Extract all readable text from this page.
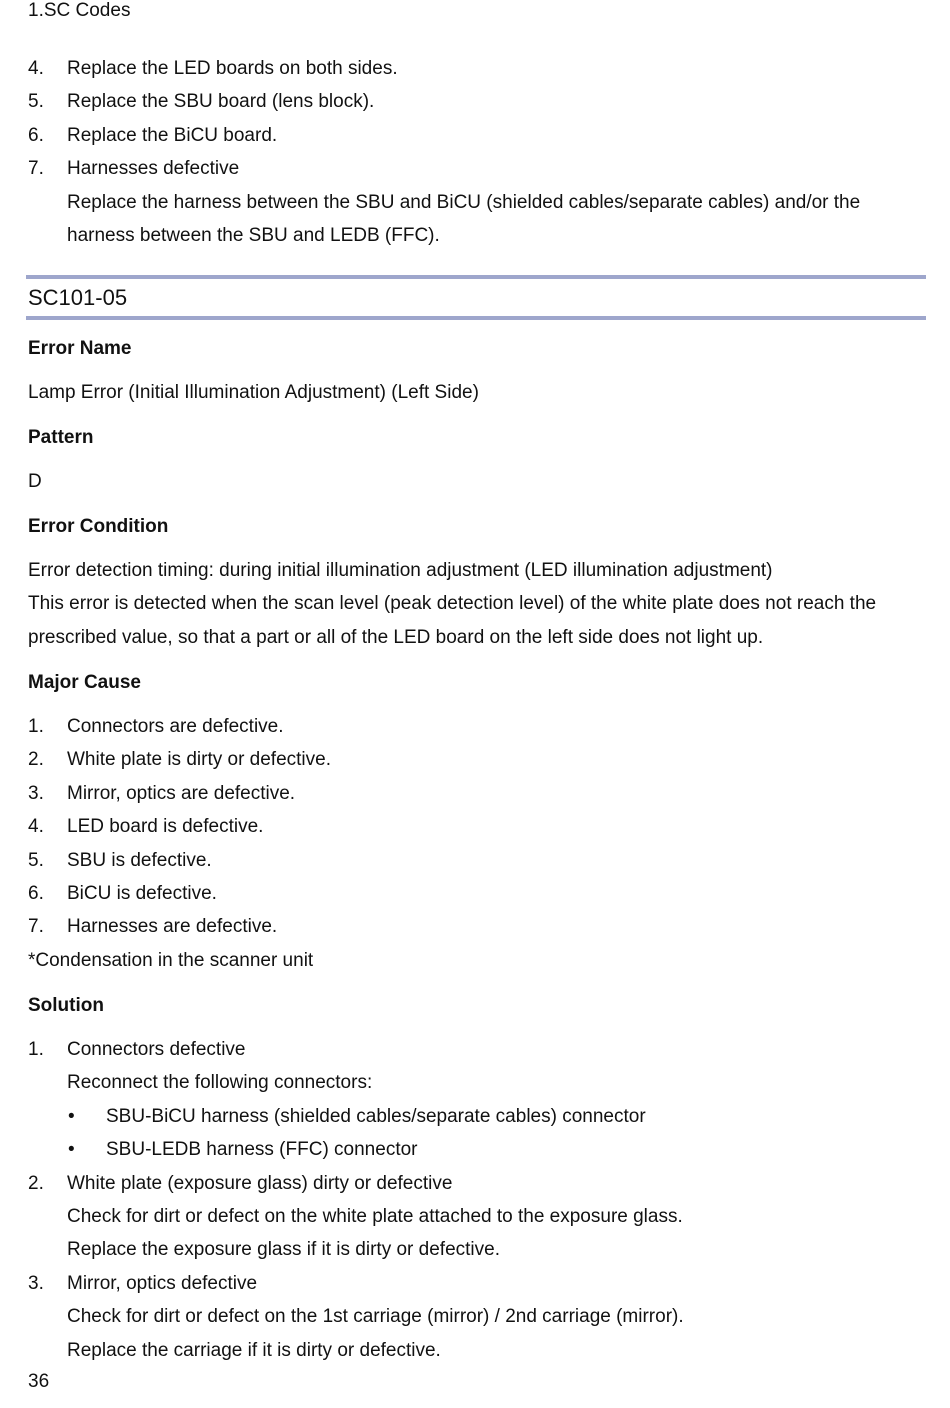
1.SC Codes
4. Replace the LED boards on both sides.
5. Replace the SBU board (lens block).
6. Replace the BiCU board.
7. Harnesses defective
Replace the harness between the SBU and BiCU (shielded cables/separate cables) and/or the
harness between the SBU and LEDB (FFC).
SC101-05
Error Name
Lamp Error (Initial Illumination Adjustment) (Left Side)
Pattern
D
Error Condition
Error detection timing: during initial illumination adjustment (LED illumination adjustment)
This error is detected when the scan level (peak detection level) of the white plate does not reach the
prescribed value, so that a part or all of the LED board on the left side does not light up.
Major Cause
1. Connectors are defective.
2. White plate is dirty or defective.
3. Mirror, optics are defective.
4. LED board is defective.
5. SBU is defective.
6. BiCU is defective.
7. Harnesses are defective.
*Condensation in the scanner unit
Solution
1. Connectors defective
Reconnect the following connectors:
• SBU-BiCU harness (shielded cables/separate cables) connector
• SBU-LEDB harness (FFC) connector
2. White plate (exposure glass) dirty or defective
Check for dirt or defect on the white plate attached to the exposure glass.
Replace the exposure glass if it is dirty or defective.
3. Mirror, optics defective
Check for dirt or defect on the 1st carriage (mirror) / 2nd carriage (mirror).
Replace the carriage if it is dirty or defective.
36
